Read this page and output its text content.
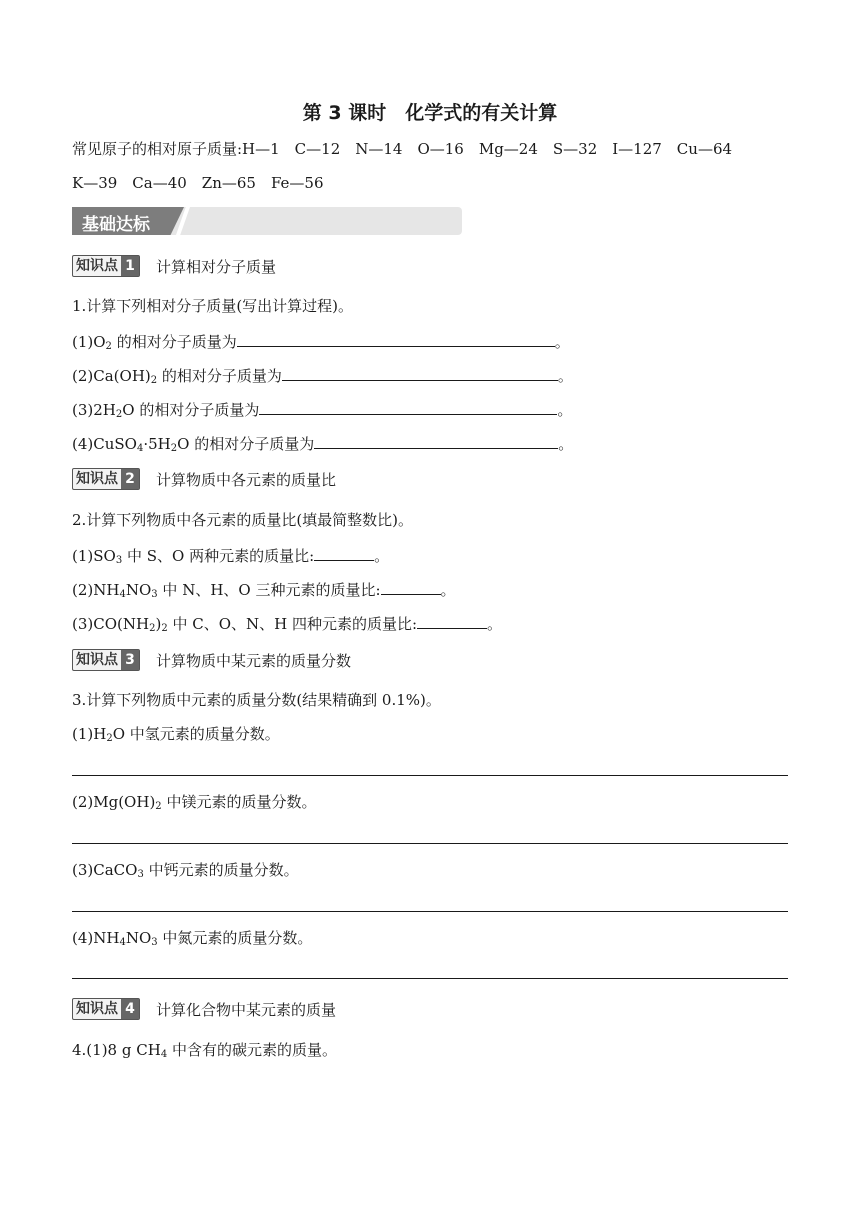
第 3 课时　化学式的有关计算
常见原子的相对原子质量:H—1　C—12　N—14　O—16　Mg—24　S—32　I—127　Cu—64
K—39　Ca—40　Zn—65　Fe—56
基础达标
知识点 1 计算相对分子质量
1.计算下列相对分子质量(写出计算过程)。
$(1)O_2$ 的相对分子质量为	。
$(2)Ca(OH)_2$ 的相对分子质量为	。
$(3)2H_2O$ 的相对分子质量为	。
$(4)CuSO_4\cdot 5H_2O$ 的相对分子质量为	。
知识点 2 计算物质中各元素的质量比
2.计算下列物质中各元素的质量比(填最简整数比)。
$(1)SO_3$ 中 S、O 两种元素的质量比:	。
$(2)NH_4NO_3$ 中 N、H、O 三种元素的质量比:	。
$(3)CO(NH_2)_2$ 中 C、O、N、H 四种元素的质量比:	。
知识点 3 计算物质中某元素的质量分数
3.计算下列物质中元素的质量分数(结果精确到 0.1%)。
$(1)H_2O$ 中氢元素的质量分数。
$(2)Mg(OH)_2$ 中镁元素的质量分数。
(3)CaCO$_3$ 中钙元素的质量分数。
$(4)NH_4NO_3$ 中氮元素的质量分数。
知识点 4 计算化合物中某元素的质量
4.(1)8 g $CH_4$ 中含有的碳元素的质量。
